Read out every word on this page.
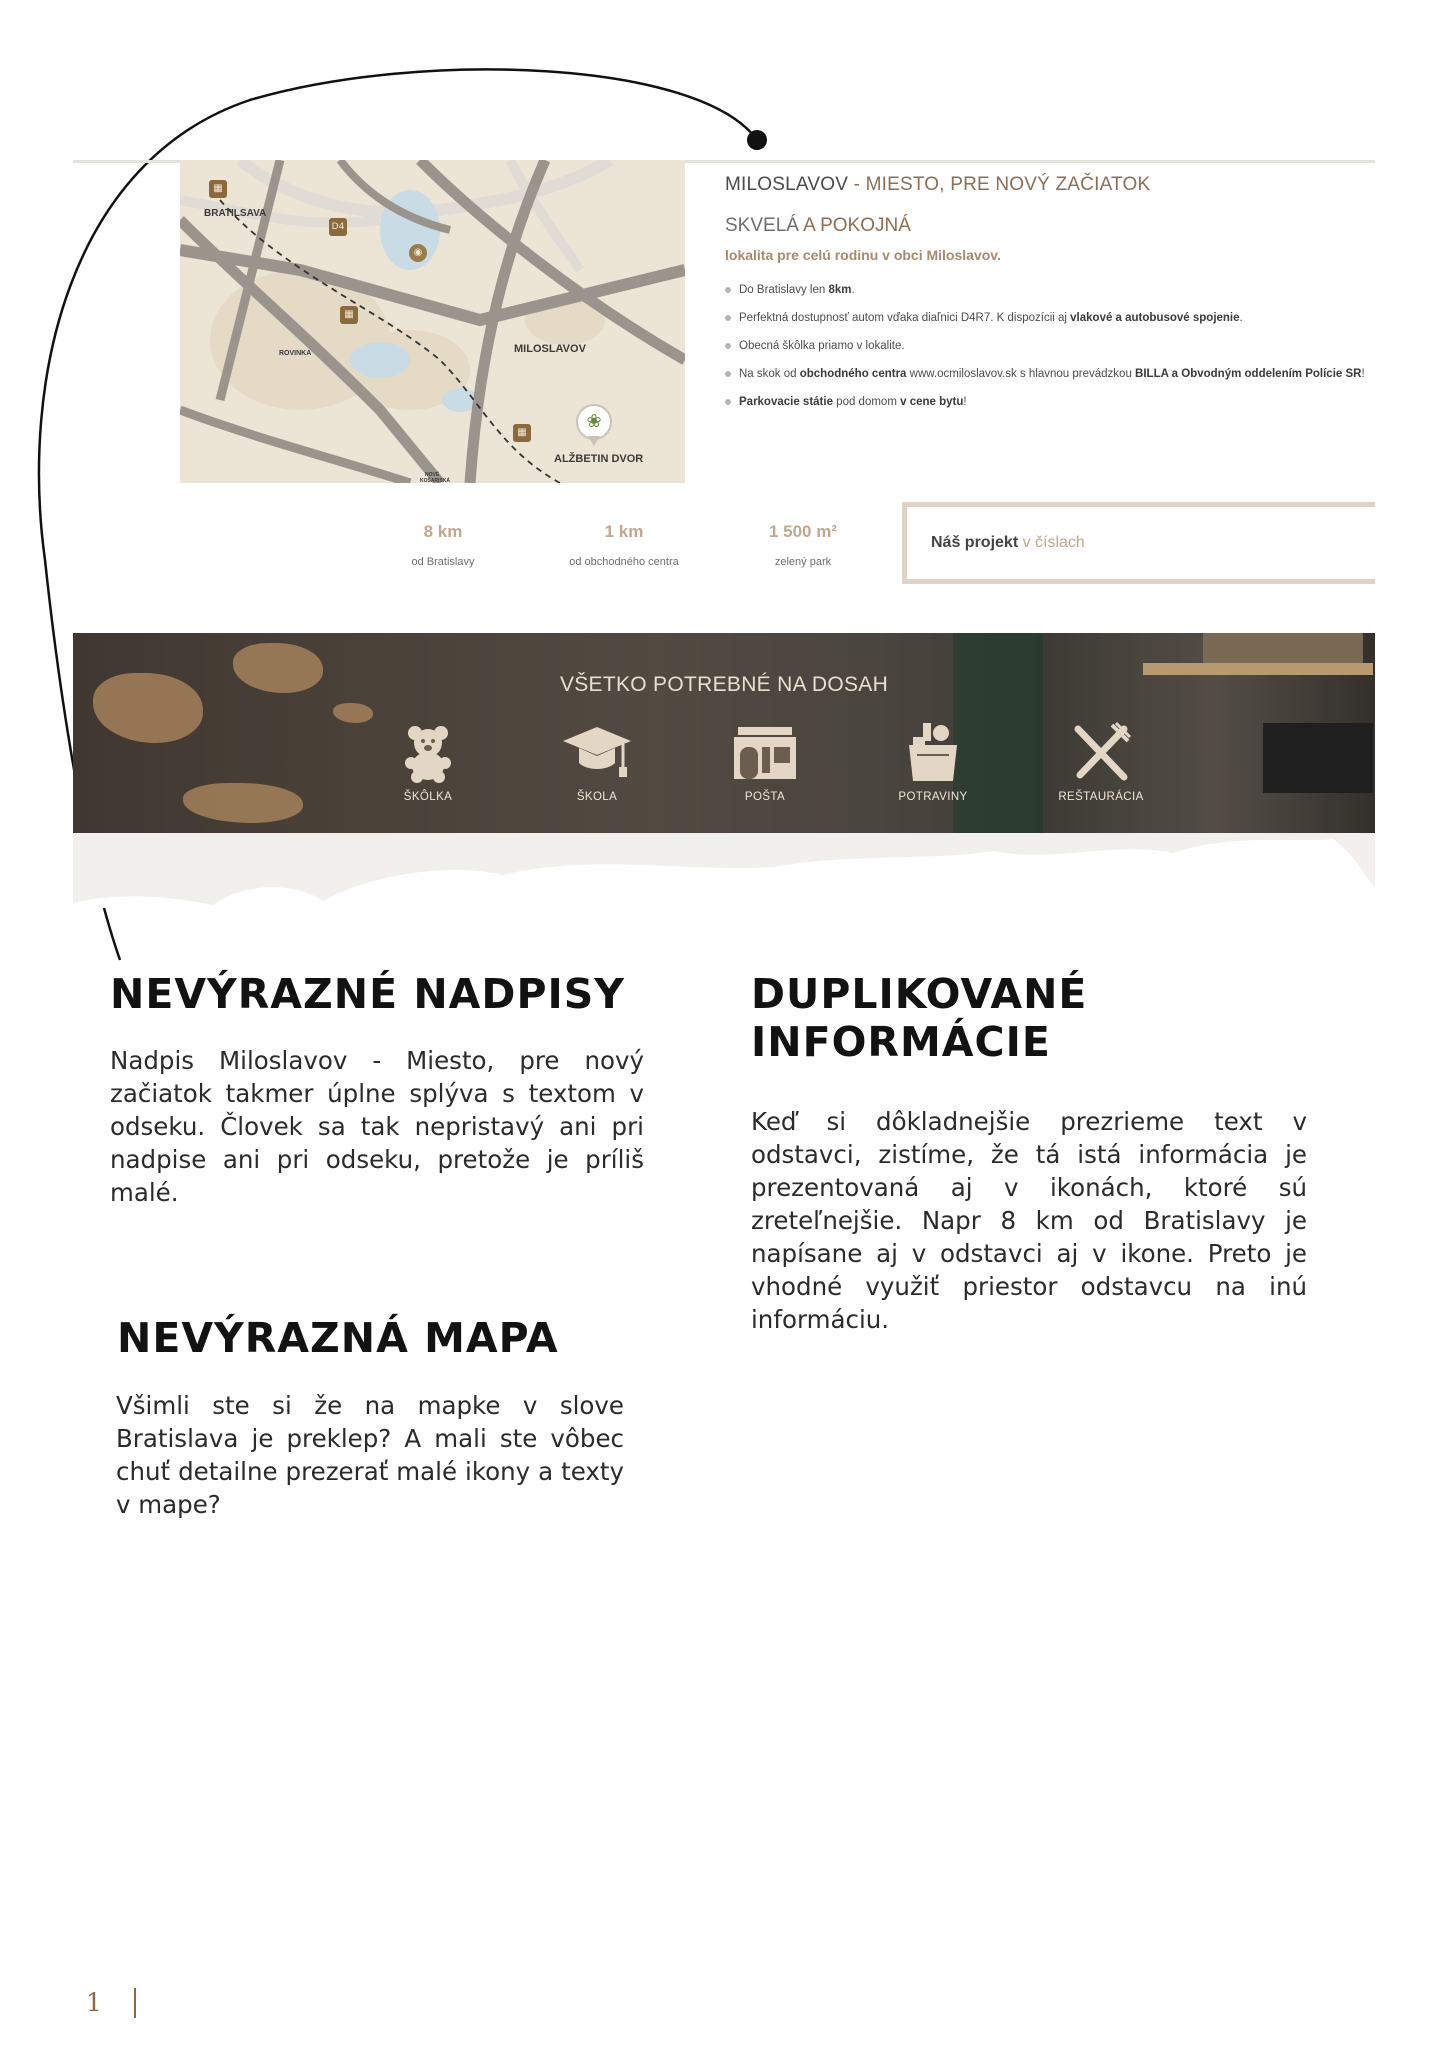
▦
BRATILSAVA
D4
◉
▦
ROVINKA	MILOSLAVOV
▦
❀
ALŽBETIN DVOR
NOVÉ
KOŠARISKÁ
MILOSLAVOV - MIESTO, PRE NOVÝ ZAČIATOK
SKVELÁ A POKOJNÁ
lokalita pre celú rodinu v obci Miloslavov.
Do Bratislavy len 8km.
Perfektná dostupnosť autom vďaka diaľnici D4R7. K dispozícii aj vlakové a autobusové spojenie.
Obecná škôlka priamo v lokalite.
Na skok od obchodného centra www.ocmiloslavov.sk s hlavnou prevádzkou BILLA a Obvodným oddelením Polície SR!
Parkovacie státie pod domom v cene bytu!
8 km
od Bratislavy
1 km
od obchodného centra
1 500 m²
zelený park
Náš projekt v číslach
VŠETKO POTREBNÉ NA DOSAH
ŠKÔLKA	ŠKOLA	POŠTA	POTRAVINY	REŠTAURÁCIA
NEVÝRAZNÉ NADPISY

Nadpis Miloslavov - Miesto, pre nový začiatok takmer úplne splýva s textom v odseku. Človek sa tak nepristavý ani pri nadpise ani pri odseku, pretože je príliš malé.

NEVÝRAZNÁ MAPA

Všimli ste si že na mapke v slove Bratislava je preklep? A mali ste vôbec chuť detailne prezerať malé ikony a texty v mape?

DUPLIKOVANÉ INFORMÁCIE

Keď si dôkladnejšie prezrieme text v odstavci, zistíme, že tá istá informácia je prezentovaná aj v ikonách, ktoré sú zreteľnejšie. Napr 8 km od Bratislavy je napísane aj v odstavci aj v ikone. Preto je vhodné využiť priestor odstavcu na inú informáciu.

1
